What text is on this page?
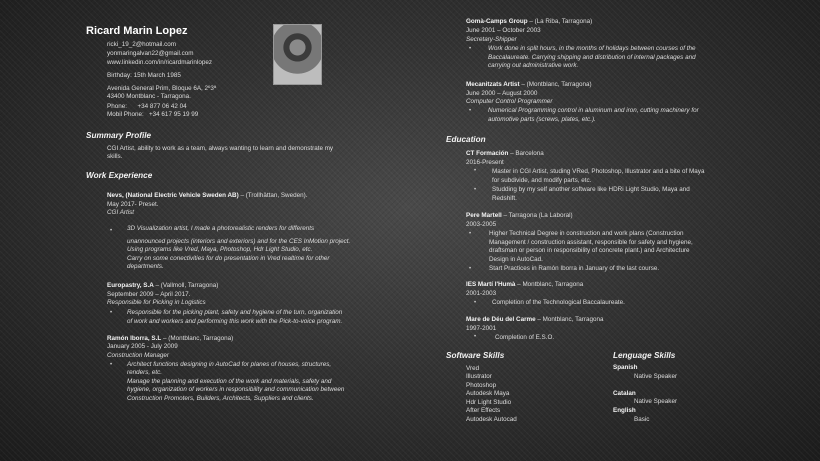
Ricard Marin Lopez
ricki_19_2@hotmail.com
yonmaringalvan22@gmail.com
www.linkedin.com/in/ricardmarinlopez
Birthday: 15th March 1985
Avenida General Prim, Bloque 6A, 2º3ª
43400 Montblanc - Tarragona.
Phone:      +34 877 06 42 04
Mobil Phone:   +34 617 95 19 99
Summary Profile
CGI Artist, ability to work as a team, always wanting to learn and demonstrate my
skills.
Work Experience
Nevs, (National Electric Vehicle Sweden AB) – (Trollhättan, Sweden).
May 2017- Preset.
CGI Artist
• 3D Visualization artist, I made a photorealistic renders for differents
unannounced projects (interiors and exteriors) and for the CES InMotion project.
Using programs like Vred, Maya, Photoshop, Hdr Light Studio, etc.
Carry on some conectivities for do presentation in Vred realtime for other
departments.
Europastry, S.A – (Vallmoll, Tarragona)
September 2009 – April 2017.
Responsible for Picking in Logistics
• Responsible for the picking plant, safety and hygiene of the turn, organization
of work and workers and performing this work with the Pick-to-voice program.
Ramón Iborra, S.L – (Montblanc, Tarragona)
January 2005 - July 2009
Construction Manager
• Architect functions designing in AutoCad for planes of houses, structures,
renders, etc.
Manage the planning and execution of the work and materials, safety and
hygiene, organization of workers in responsibility and communication between
Construction Promoters, Builders, Architects, Suppliers and clients.
Gomà-Camps Group – (La Riba, Tarragona)
June 2001 – October 2003
Secretary-Shipper
•	Work done in split hours, in the months of holidays between courses of the
Baccalaureate. Carrying shipping and distribution of internal packages and
carrying out administrative work.
Mecanitzats Artist – (Montblanc, Tarragona)
June 2000 – August 2000
Computer Control Programmer
•	Numerical Programming control in aluminum and iron, cutting machinery for
automotive parts (screws, plates, etc.).
Education
CT Formación – Barcelona
2016-Present
•	Master in CGI Artist, studing VRed, Photoshop, Illustrator and a bite of Maya
for subdivide, and modify parts, etc.
•	Studding by my self another software like HDRi Light Studio, Maya and
Redshift.
Pere Martell – Tarragona (La Laboral)
2003-2005
•	Higher Technical Degree in construction and work plans (Construction
Management / construction assistant, responsible for safety and hygiene,
draftsman or person in responsibility of concrete plant.) and Architecture
Design in AutoCad.
•	Start Practices in Ramón Iborra in January of the last course.
IES Martí l'Humà – Montblanc, Tarragona
2001-2003
•	Completion of the Technological Baccalaureate.
Mare de Déu del Carme – Montblanc, Tarragona
1997-2001
•	Completion of E.S.O.
Software Skills
Vred
Illustrator
Photoshop
Autodesk Maya
Hdr Light Studio
After Effects
Autodesk Autocad
Lenguage Skills
Spanish
Native Speaker
Catalan
Native Speaker
English
Basic
